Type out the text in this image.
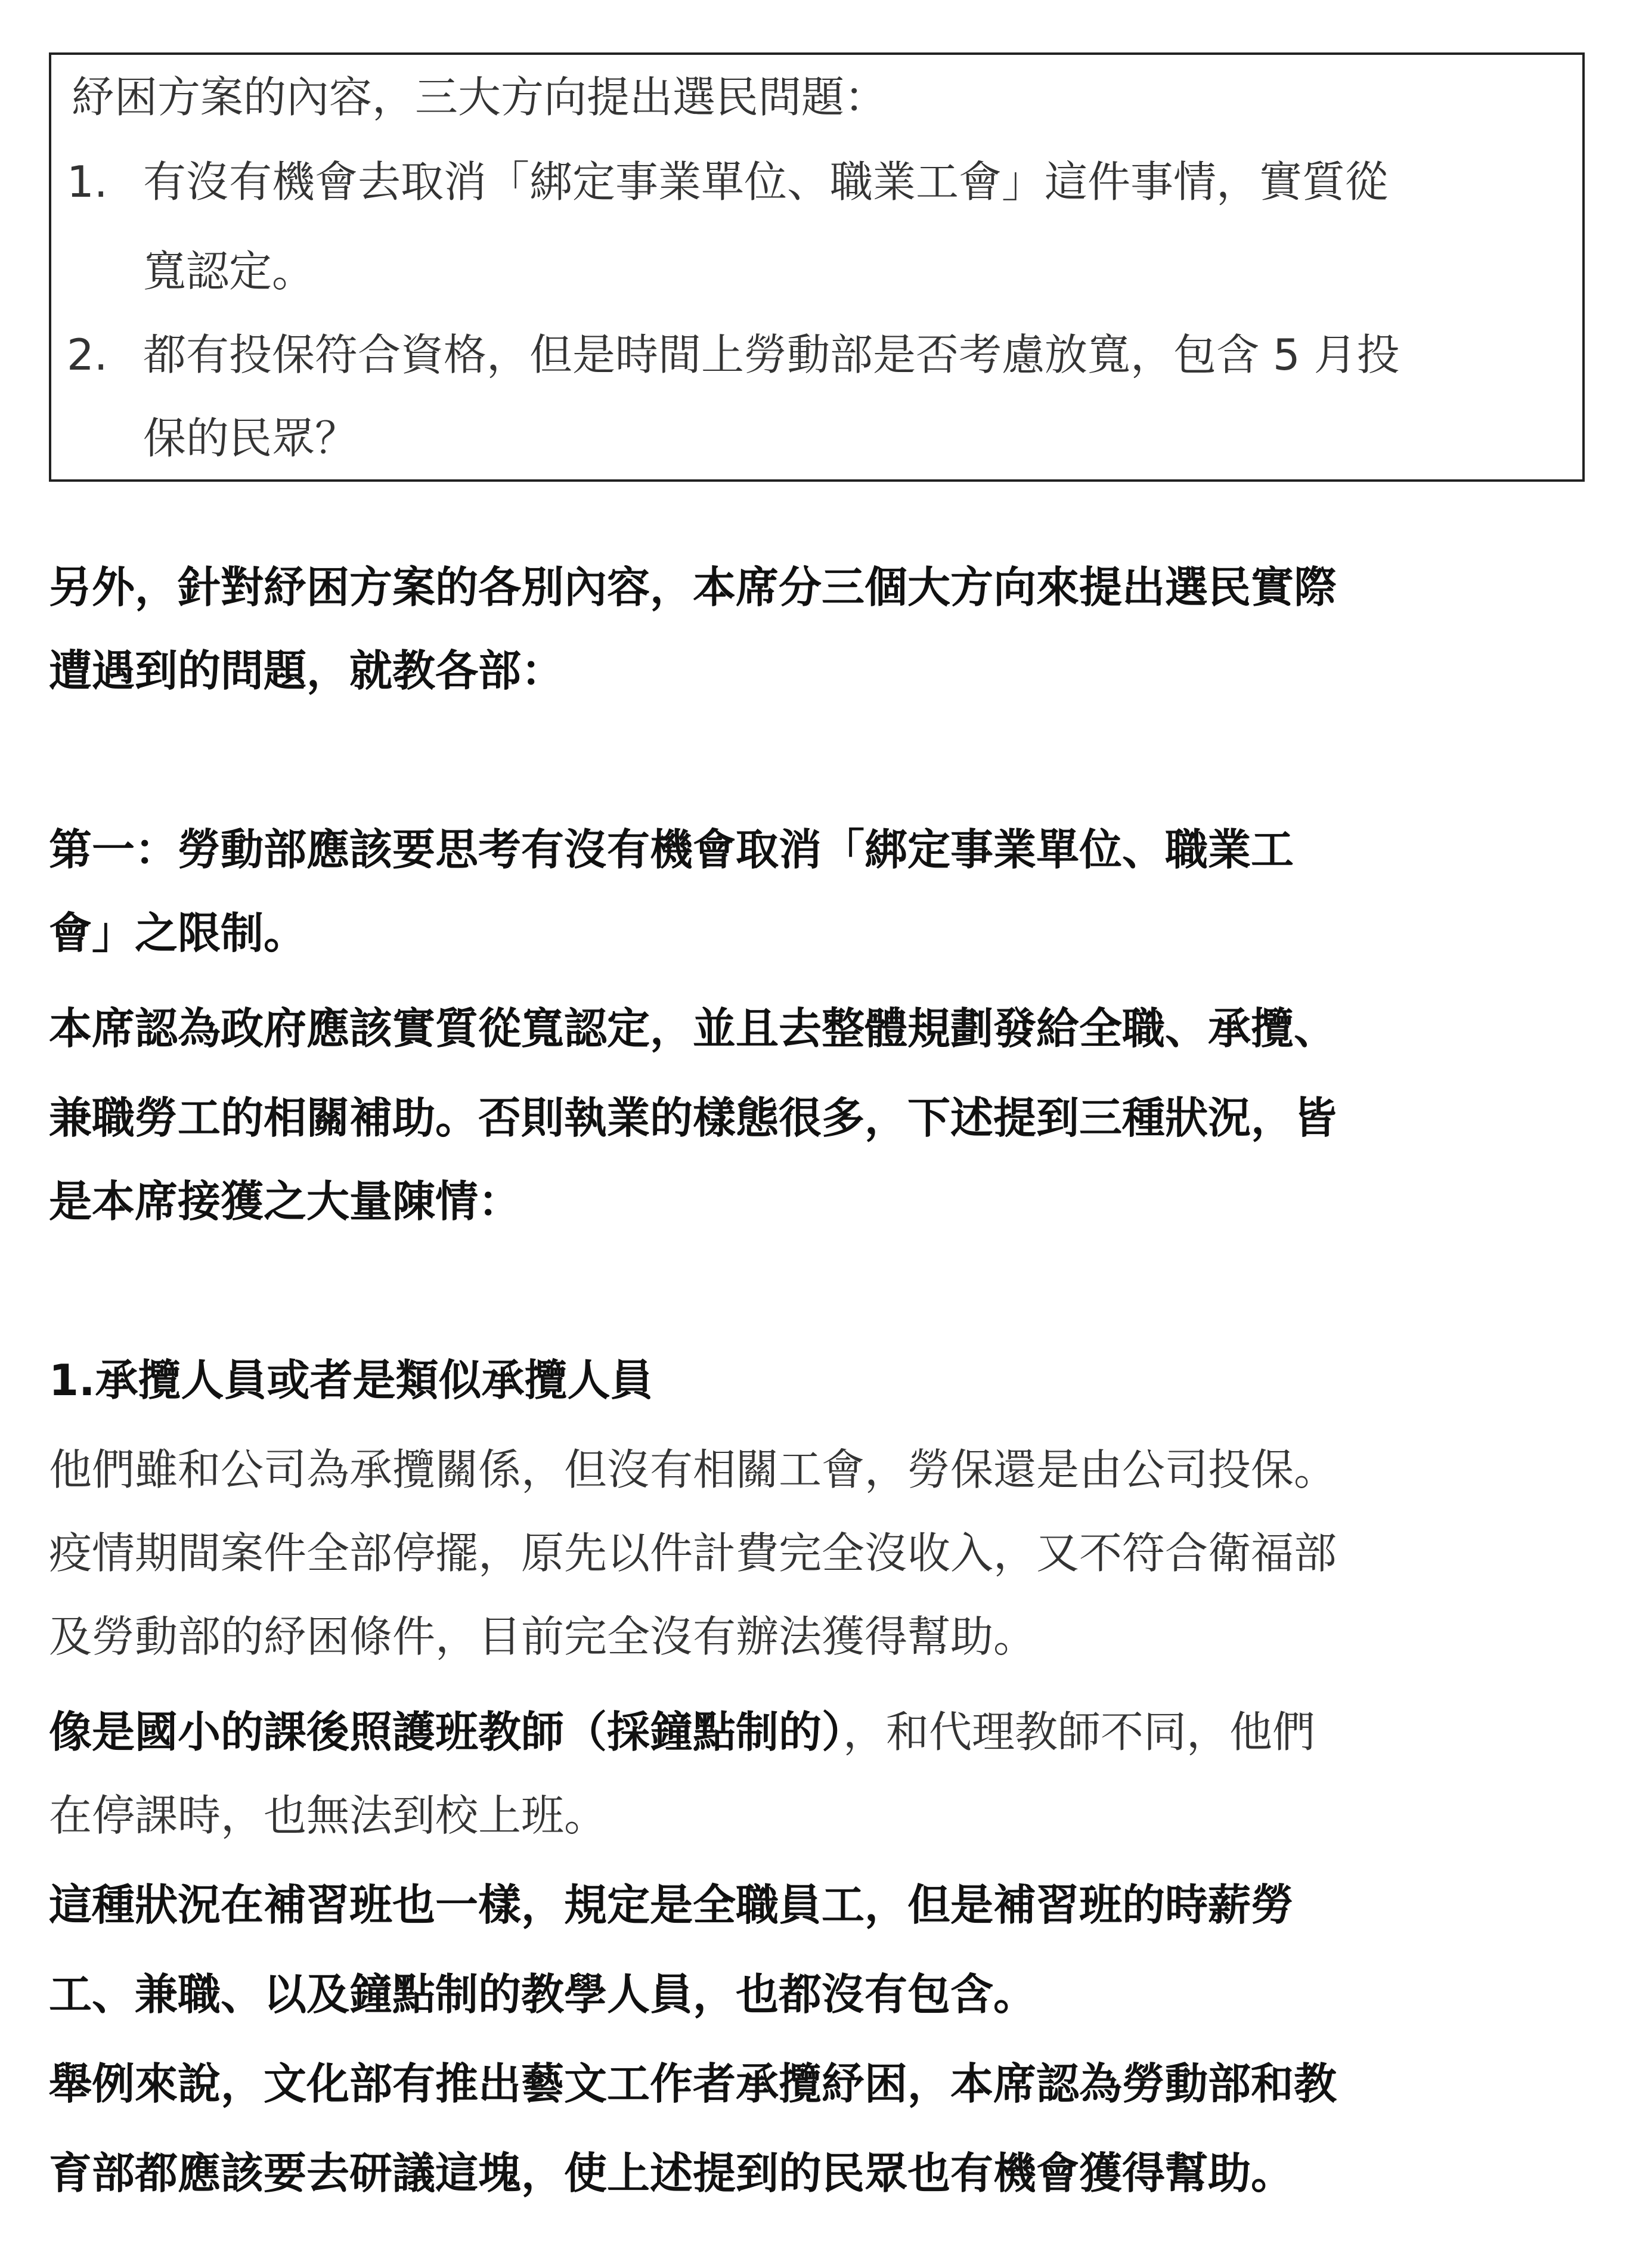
紓困方案的內容，三大方向提出選民問題：
1. 有沒有機會去取消「綁定事業單位、職業工會」這件事情，實質從
寬認定。
2. 都有投保符合資格，但是時間上勞動部是否考慮放寬，包含 5 月投
保的民眾？
另外，針對紓困方案的各別內容，本席分三個大方向來提出選民實際
遭遇到的問題，就教各部：
第一：勞動部應該要思考有沒有機會取消「綁定事業單位、職業工
會」之限制。
本席認為政府應該實質從寬認定，並且去整體規劃發給全職、承攬、
兼職勞工的相關補助。否則執業的樣態很多，下述提到三種狀況，皆
是本席接獲之大量陳情：
1.承攬人員或者是類似承攬人員
他們雖和公司為承攬關係，但沒有相關工會，勞保還是由公司投保。
疫情期間案件全部停擺，原先以件計費完全沒收入，又不符合衛福部
及勞動部的紓困條件，目前完全沒有辦法獲得幫助。
像是國小的課後照護班教師（採鐘點制的），和代理教師不同，他們
在停課時，也無法到校上班。
這種狀況在補習班也一樣，規定是全職員工，但是補習班的時薪勞
工、兼職、以及鐘點制的教學人員，也都沒有包含。
舉例來說，文化部有推出藝文工作者承攬紓困，本席認為勞動部和教
育部都應該要去研議這塊，使上述提到的民眾也有機會獲得幫助。
